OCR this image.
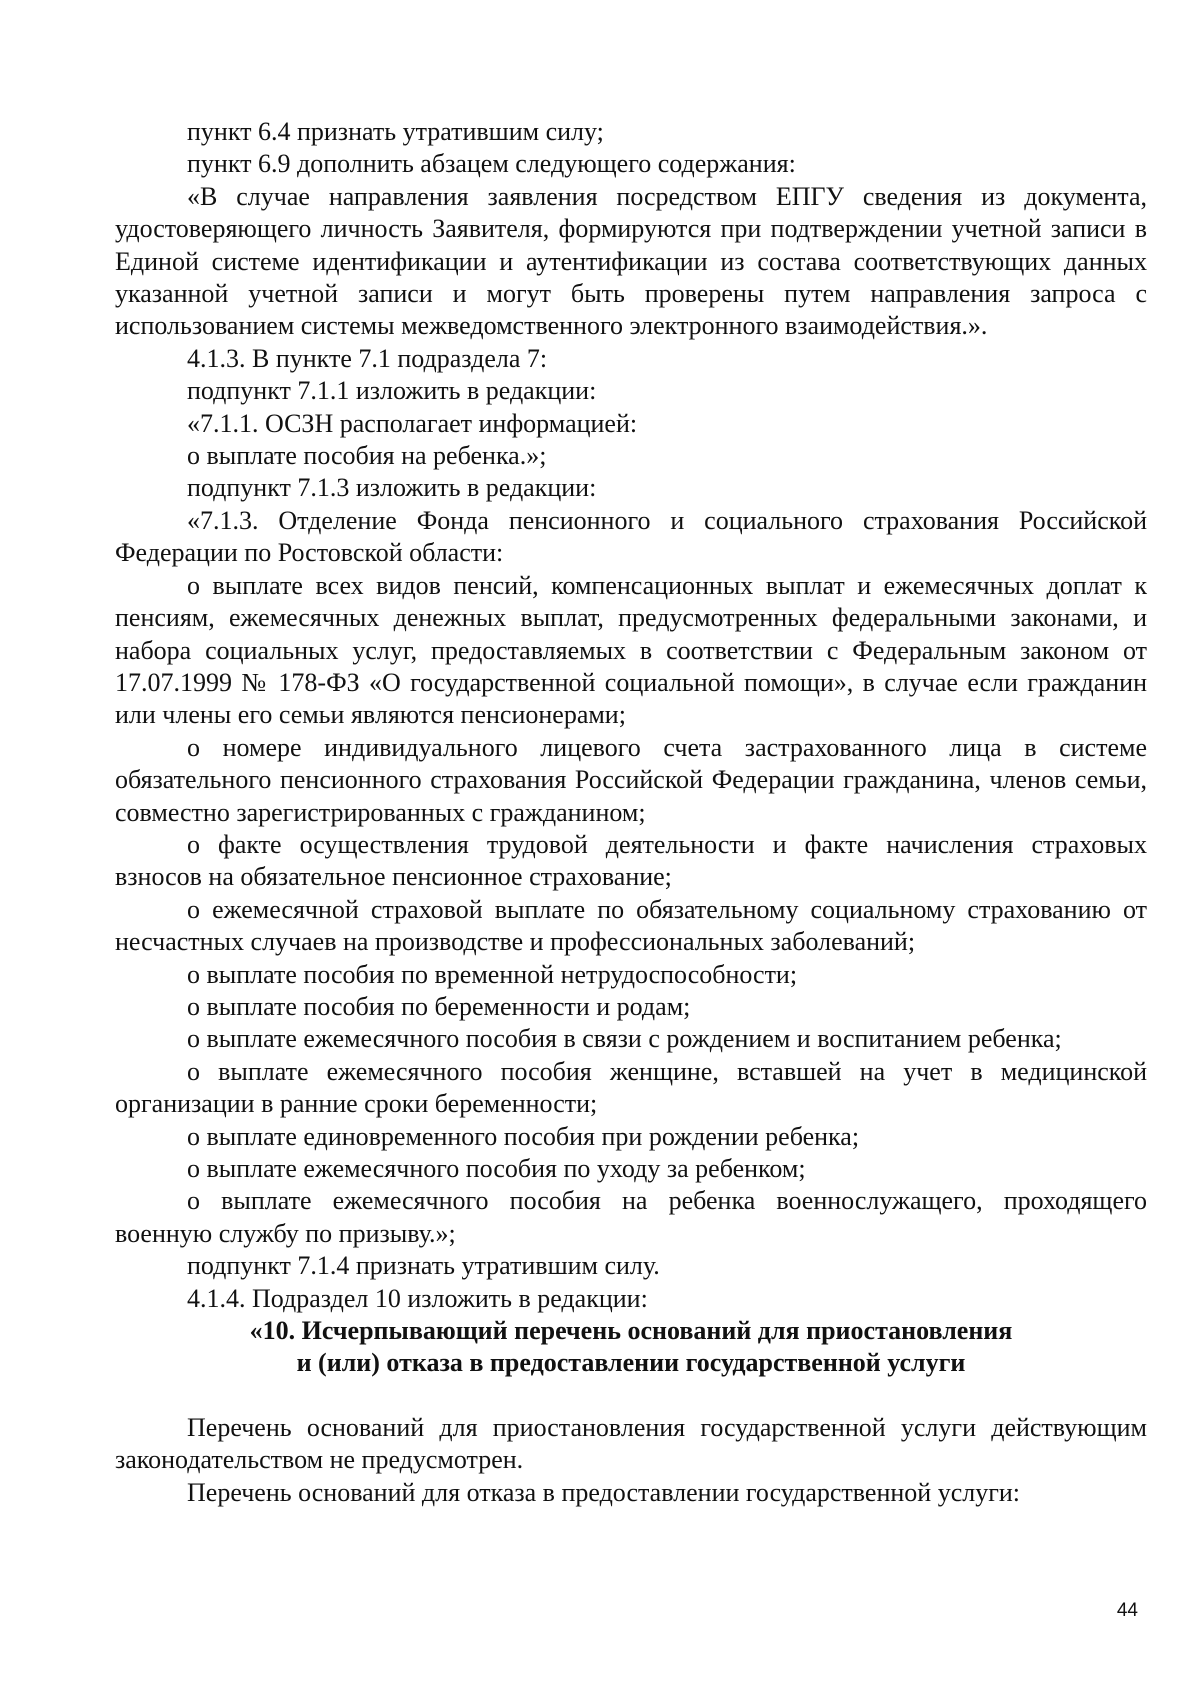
пункт 6.4 признать утратившим силу;

пункт 6.9 дополнить абзацем следующего содержания:

«В случае направления заявления посредством ЕПГУ сведения из документа, удостоверяющего личность Заявителя, формируются при подтверждении учетной записи в Единой системе идентификации и аутентификации из состава соответствующих данных указанной учетной записи и могут быть проверены путем направления запроса с использованием системы межведомственного электронного взаимодействия.».

4.1.3. В пункте 7.1 подраздела 7:

подпункт 7.1.1 изложить в редакции:

«7.1.1. ОСЗН располагает информацией:

о выплате пособия на ребенка.»;

подпункт 7.1.3 изложить в редакции:

«7.1.3. Отделение Фонда пенсионного и социального страхования Российской Федерации по Ростовской области:

о выплате всех видов пенсий, компенсационных выплат и ежемесячных доплат к пенсиям, ежемесячных денежных выплат, предусмотренных федеральными законами, и набора социальных услуг, предоставляемых в соответствии с Федеральным законом от 17.07.1999 № 178-ФЗ «О государственной социальной помощи», в случае если гражданин или члены его семьи являются пенсионерами;

о номере индивидуального лицевого счета застрахованного лица в системе обязательного пенсионного страхования Российской Федерации гражданина, членов семьи, совместно зарегистрированных с гражданином;

о факте осуществления трудовой деятельности и факте начисления страховых взносов на обязательное пенсионное страхование;

о ежемесячной страховой выплате по обязательному социальному страхованию от несчастных случаев на производстве и профессиональных заболеваний;

о выплате пособия по временной нетрудоспособности;

о выплате пособия по беременности и родам;

о выплате ежемесячного пособия в связи с рождением и воспитанием ребенка;

о выплате ежемесячного пособия женщине, вставшей на учет в медицинской организации в ранние сроки беременности;

о выплате единовременного пособия при рождении ребенка;

о выплате ежемесячного пособия по уходу за ребенком;

о выплате ежемесячного пособия на ребенка военнослужащего, проходящего военную службу по призыву.»;

подпункт 7.1.4 признать утратившим силу.

4.1.4. Подраздел 10 изложить в редакции:

«10. Исчерпывающий перечень оснований для приостановления

и (или) отказа в предоставлении государственной услуги

Перечень оснований для приостановления государственной услуги действующим законодательством не предусмотрен.

Перечень оснований для отказа в предоставлении государственной услуги:

44
